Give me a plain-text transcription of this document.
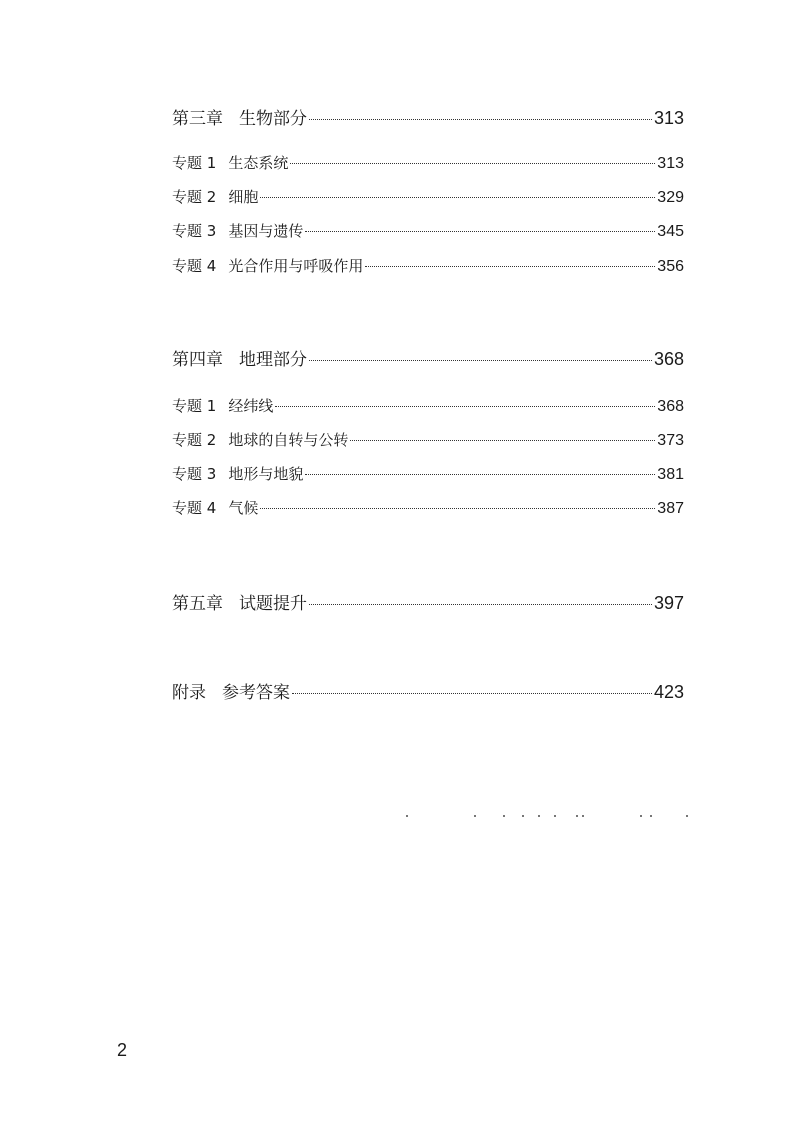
第三章 生物部分	313
专题 1 生态系统	313
专题 2 细胞	329
专题 3 基因与遗传	345
专题 4 光合作用与呼吸作用	356
第四章 地理部分	368
专题 1 经纬线	368
专题 2 地球的自转与公转	373
专题 3 地形与地貌	381
专题 4 气候	387
第五章 试题提升	397
附录 参考答案	423
2
